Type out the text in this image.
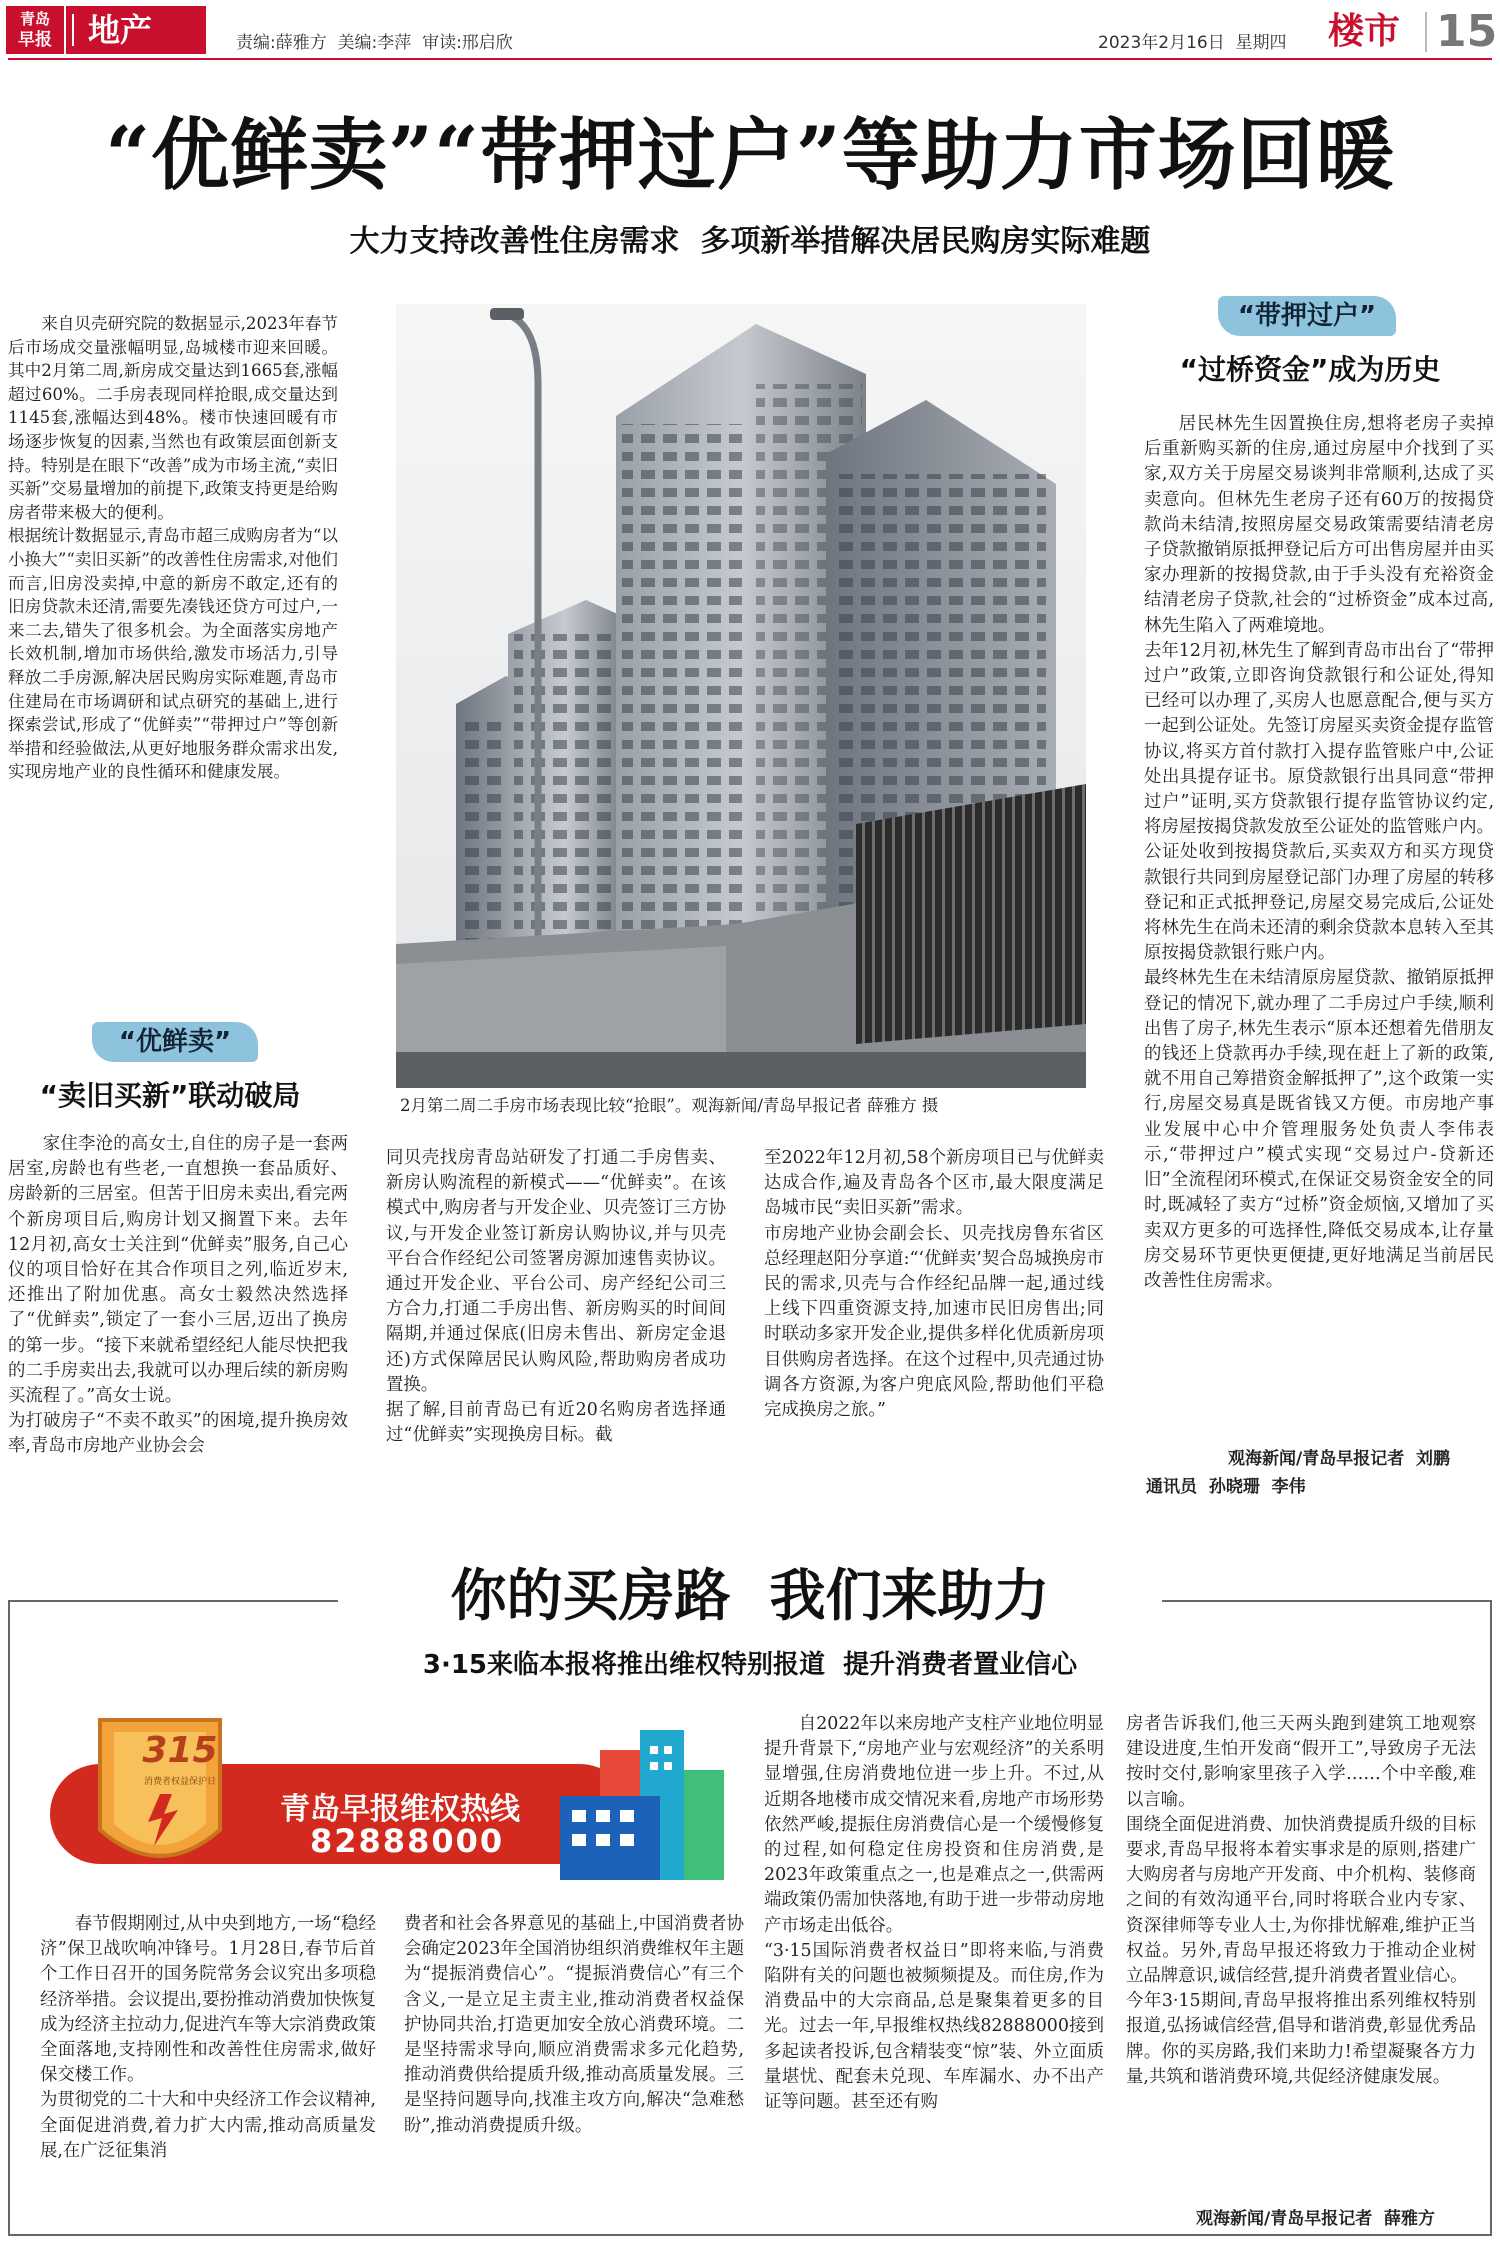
青岛
早报	地产	责编:薛雅方  美编:李萍  审读:邢启欣	2023年2月16日  星期四 楼市 15
“优鲜卖”“带押过户”等助力市场回暖
大力支持改善性住房需求  多项新举措解决居民购房实际难题

来自贝壳研究院的数据显示,2023年春节后市场成交量涨幅明显,岛城楼市迎来回暖。其中2月第二周,新房成交量达到1665套,涨幅超过60%。二手房表现同样抢眼,成交量达到1145套,涨幅达到48%。楼市快速回暖有市场逐步恢复的因素,当然也有政策层面创新支持。特别是在眼下“改善”成为市场主流,“卖旧买新”交易量增加的前提下,政策支持更是给购房者带来极大的便利。
根据统计数据显示,青岛市超三成购房者为“以小换大”“卖旧买新”的改善性住房需求,对他们而言,旧房没卖掉,中意的新房不敢定,还有的旧房贷款未还清,需要先凑钱还贷方可过户,一来二去,错失了很多机会。为全面落实房地产长效机制,增加市场供给,激发市场活力,引导释放二手房源,解决居民购房实际难题,青岛市住建局在市场调研和试点研究的基础上,进行探索尝试,形成了“优鲜卖”“带押过户”等创新举措和经验做法,从更好地服务群众需求出发,实现房地产业的良性循环和健康发展。

2月第二周二手房市场表现比较“抢眼”。观海新闻/青岛早报记者 薛雅方 摄
“优鲜卖”
“卖旧买新”联动破局

家住李沧的高女士,自住的房子是一套两居室,房龄也有些老,一直想换一套品质好、房龄新的三居室。但苦于旧房未卖出,看完两个新房项目后,购房计划又搁置下来。去年12月初,高女士关注到“优鲜卖”服务,自己心仪的项目恰好在其合作项目之列,临近岁末,还推出了附加优惠。高女士毅然决然选择了“优鲜卖”,锁定了一套小三居,迈出了换房的第一步。“接下来就希望经纪人能尽快把我的二手房卖出去,我就可以办理后续的新房购买流程了。”高女士说。
为打破房子“不卖不敢买”的困境,提升换房效率,青岛市房地产业协会会

同贝壳找房青岛站研发了打通二手房售卖、新房认购流程的新模式——“优鲜卖”。在该模式中,购房者与开发企业、贝壳签订三方协议,与开发企业签订新房认购协议,并与贝壳平台合作经纪公司签署房源加速售卖协议。通过开发企业、平台公司、房产经纪公司三方合力,打通二手房出售、新房购买的时间间隔期,并通过保底(旧房未售出、新房定金退还)方式保障居民认购风险,帮助购房者成功置换。
据了解,目前青岛已有近20名购房者选择通过“优鲜卖”实现换房目标。截

至2022年12月初,58个新房项目已与优鲜卖达成合作,遍及青岛各个区市,最大限度满足岛城市民“卖旧买新”需求。
市房地产业协会副会长、贝壳找房鲁东省区总经理赵阳分享道:“‘优鲜卖’契合岛城换房市民的需求,贝壳与合作经纪品牌一起,通过线上线下四重资源支持,加速市民旧房售出;同时联动多家开发企业,提供多样化优质新房项目供购房者选择。在这个过程中,贝壳通过协调各方资源,为客户兜底风险,帮助他们平稳完成换房之旅。”

“带押过户”
“过桥资金”成为历史

居民林先生因置换住房,想将老房子卖掉后重新购买新的住房,通过房屋中介找到了买家,双方关于房屋交易谈判非常顺利,达成了买卖意向。但林先生老房子还有60万的按揭贷款尚未结清,按照房屋交易政策需要结清老房子贷款撤销原抵押登记后方可出售房屋并由买家办理新的按揭贷款,由于手头没有充裕资金结清老房子贷款,社会的“过桥资金”成本过高,林先生陷入了两难境地。
去年12月初,林先生了解到青岛市出台了“带押过户”政策,立即咨询贷款银行和公证处,得知已经可以办理了,买房人也愿意配合,便与买方一起到公证处。先签订房屋买卖资金提存监管协议,将买方首付款打入提存监管账户中,公证处出具提存证书。原贷款银行出具同意“带押过户”证明,买方贷款银行提存监管协议约定,将房屋按揭贷款发放至公证处的监管账户内。公证处收到按揭贷款后,买卖双方和买方现贷款银行共同到房屋登记部门办理了房屋的转移登记和正式抵押登记,房屋交易完成后,公证处将林先生在尚未还清的剩余贷款本息转入至其原按揭贷款银行账户内。
最终林先生在未结清原房屋贷款、撤销原抵押登记的情况下,就办理了二手房过户手续,顺利出售了房子,林先生表示“原本还想着先借朋友的钱还上贷款再办手续,现在赶上了新的政策,就不用自己筹措资金解抵押了”,这个政策一实行,房屋交易真是既省钱又方便。市房地产事业发展中心中介管理服务处负责人李伟表示,“带押过户”模式实现“交易过户-贷新还旧”全流程闭环模式,在保证交易资金安全的同时,既减轻了卖方“过桥”资金烦恼,又增加了买卖双方更多的可选择性,降低交易成本,让存量房交易环节更快更便捷,更好地满足当前居民改善性住房需求。

观海新闻/青岛早报记者  刘鹏
通讯员  孙晓珊  李伟
你的买房路  我们来助力
3·15来临本报将推出维权特别报道  提升消费者置业信心
315
消费者权益保护日
青岛早报维权热线
82888000

春节假期刚过,从中央到地方,一场“稳经济”保卫战吹响冲锋号。1月28日,春节后首个工作日召开的国务院常务会议究出多项稳经济举措。会议提出,要扮推动消费加快恢复成为经济主拉动力,促进汽车等大宗消费政策全面落地,支持刚性和改善性住房需求,做好保交楼工作。
为贯彻党的二十大和中央经济工作会议精神,全面促进消费,着力扩大内需,推动高质量发展,在广泛征集消

费者和社会各界意见的基础上,中国消费者协会确定2023年全国消协组织消费维权年主题为“提振消费信心”。“提振消费信心”有三个含义,一是立足主责主业,推动消费者权益保护协同共治,打造更加安全放心消费环境。二是坚持需求导向,顺应消费需求多元化趋势,推动消费供给提质升级,推动高质量发展。三是坚持问题导向,找准主攻方向,解决“急难愁盼”,推动消费提质升级。

自2022年以来房地产支柱产业地位明显提升背景下,“房地产业与宏观经济”的关系明显增强,住房消费地位进一步上升。不过,从近期各地楼市成交情况来看,房地产市场形势依然严峻,提振住房消费信心是一个缓慢修复的过程,如何稳定住房投资和住房消费,是2023年政策重点之一,也是难点之一,供需两端政策仍需加快落地,有助于进一步带动房地产市场走出低谷。
“3·15国际消费者权益日”即将来临,与消费陷阱有关的问题也被频频提及。而住房,作为消费品中的大宗商品,总是聚集着更多的目光。过去一年,早报维权热线82888000接到多起读者投诉,包含精装变“惊”装、外立面质量堪忧、配套未兑现、车库漏水、办不出产证等问题。甚至还有购

房者告诉我们,他三天两头跑到建筑工地观察建设进度,生怕开发商“假开工”,导致房子无法按时交付,影响家里孩子入学……个中辛酸,难以言喻。
围绕全面促进消费、加快消费提质升级的目标要求,青岛早报将本着实事求是的原则,搭建广大购房者与房地产开发商、中介机构、装修商之间的有效沟通平台,同时将联合业内专家、资深律师等专业人士,为你排忧解难,维护正当权益。另外,青岛早报还将致力于推动企业树立品牌意识,诚信经营,提升消费者置业信心。
今年3·15期间,青岛早报将推出系列维权特别报道,弘扬诚信经营,倡导和谐消费,彰显优秀品牌。你的买房路,我们来助力!希望凝聚各方力量,共筑和谐消费环境,共促经济健康发展。

观海新闻/青岛早报记者  薛雅方
